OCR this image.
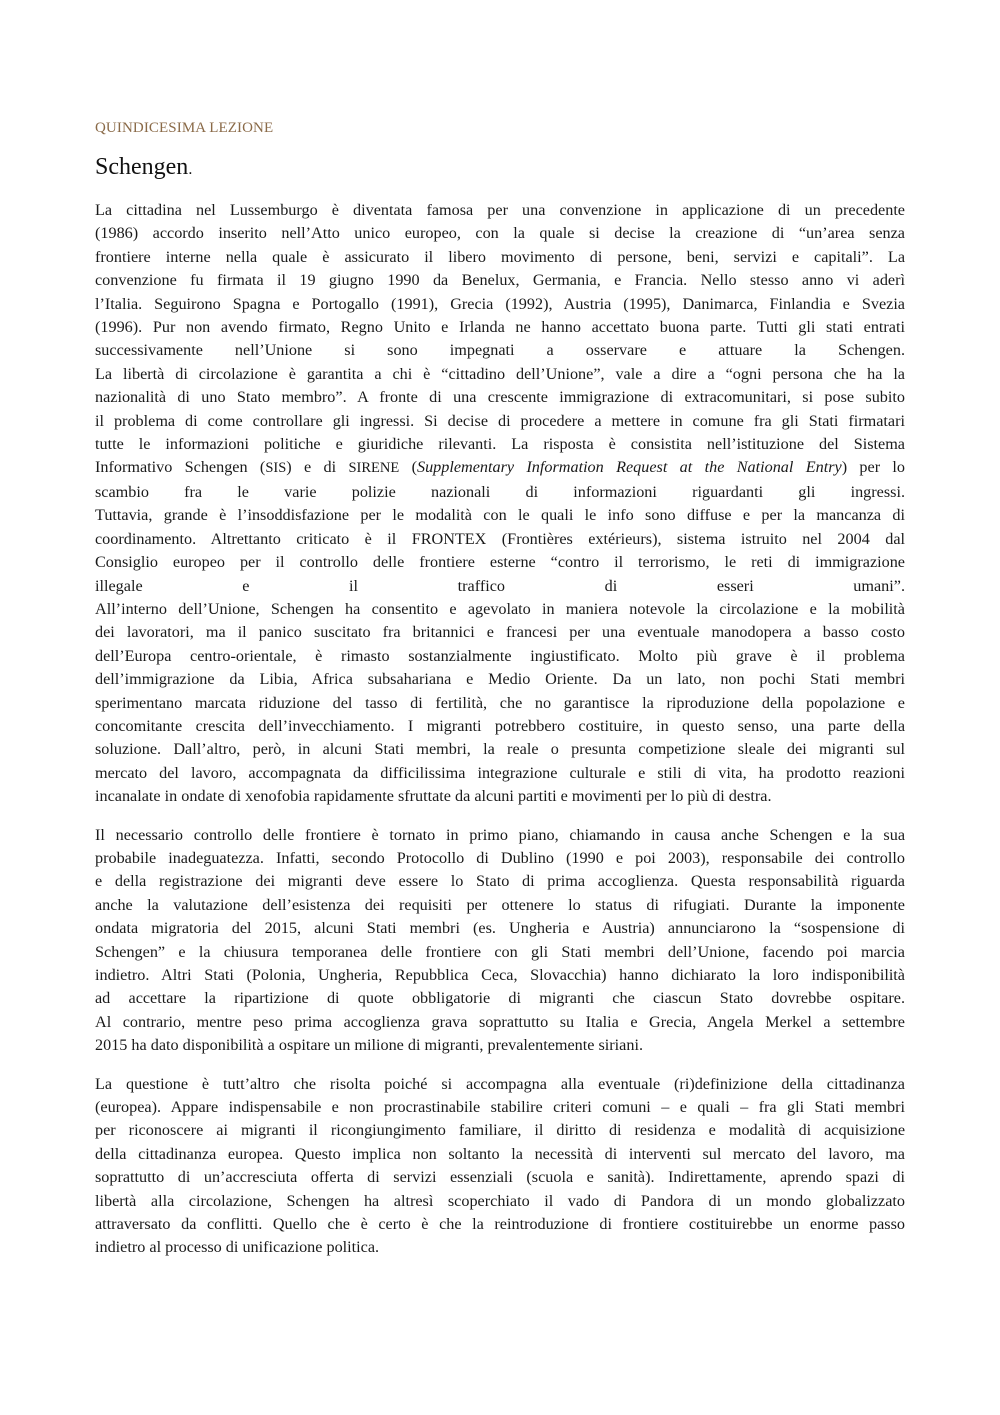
QUINDICESIMA LEZIONE
Schengen.
La cittadina nel Lussemburgo è diventata famosa per una convenzione in applicazione di un precedente
(1986) accordo inserito nell’Atto unico europeo, con la quale si decise la creazione di “un’area senza
frontiere interne nella quale è assicurato il libero movimento di persone, beni, servizi e capitali”. La
convenzione fu firmata il 19 giugno 1990 da Benelux, Germania, e Francia. Nello stesso anno vi aderì
l’Italia. Seguirono Spagna e Portogallo (1991), Grecia (1992), Austria (1995), Danimarca, Finlandia e Svezia
(1996). Pur non avendo firmato, Regno Unito e Irlanda ne hanno accettato buona parte. Tutti gli stati entrati
successivamente nell’Unione si sono impegnati a osservare e attuare la Schengen.
La libertà di circolazione è garantita a chi è “cittadino dell’Unione”, vale a dire a “ogni persona che ha la
nazionalità di uno Stato membro”. A fronte di una crescente immigrazione di extracomunitari, si pose subito
il problema di come controllare gli ingressi. Si decise di procedere a mettere in comune fra gli Stati firmatari
tutte le informazioni politiche e giuridiche rilevanti. La risposta è consistita nell’istituzione del Sistema
Informativo Schengen (SIS) e di SIRENE (Supplementary Information Request at the National Entry) per lo
scambio fra le varie polizie nazionali di informazioni riguardanti gli ingressi.
Tuttavia, grande è l’insoddisfazione per le modalità con le quali le info sono diffuse e per la mancanza di
coordinamento. Altrettanto criticato è il FRONTEX (Frontières extérieurs), sistema istruito nel 2004 dal
Consiglio europeo per il controllo delle frontiere esterne “contro il terrorismo, le reti di immigrazione
illegale e il traffico di esseri umani”.
All’interno dell’Unione, Schengen ha consentito e agevolato in maniera notevole la circolazione e la mobilità
dei lavoratori, ma il panico suscitato fra britannici e francesi per una eventuale manodopera a basso costo
dell’Europa centro-orientale, è rimasto sostanzialmente ingiustificato. Molto più grave è il problema
dell’immigrazione da Libia, Africa subsahariana e Medio Oriente. Da un lato, non pochi Stati membri
sperimentano marcata riduzione del tasso di fertilità, che no garantisce la riproduzione della popolazione e
concomitante crescita dell’invecchiamento. I migranti potrebbero costituire, in questo senso, una parte della
soluzione. Dall’altro, però, in alcuni Stati membri, la reale o presunta competizione sleale dei migranti sul
mercato del lavoro, accompagnata da difficilissima integrazione culturale e stili di vita, ha prodotto reazioni
incanalate in ondate di xenofobia rapidamente sfruttate da alcuni partiti e movimenti per lo più di destra.
Il necessario controllo delle frontiere è tornato in primo piano, chiamando in causa anche Schengen e la sua
probabile inadeguatezza. Infatti, secondo Protocollo di Dublino (1990 e poi 2003), responsabile dei controllo
e della registrazione dei migranti deve essere lo Stato di prima accoglienza. Questa responsabilità riguarda
anche la valutazione dell’esistenza dei requisiti per ottenere lo status di rifugiati. Durante la imponente
ondata migratoria del 2015, alcuni Stati membri (es. Ungheria e Austria) annunciarono la “sospensione di
Schengen” e la chiusura temporanea delle frontiere con gli Stati membri dell’Unione, facendo poi marcia
indietro. Altri Stati (Polonia, Ungheria, Repubblica Ceca, Slovacchia) hanno dichiarato la loro indisponibilità
ad accettare la ripartizione di quote obbligatorie di migranti che ciascun Stato dovrebbe ospitare.
Al contrario, mentre peso prima accoglienza grava soprattutto su Italia e Grecia, Angela Merkel a settembre
2015 ha dato disponibilità a ospitare un milione di migranti, prevalentemente siriani.
La questione è tutt’altro che risolta poiché si accompagna alla eventuale (ri)definizione della cittadinanza
(europea). Appare indispensabile e non procrastinabile stabilire criteri comuni – e quali – fra gli Stati membri
per riconoscere ai migranti il ricongiungimento familiare, il diritto di residenza e modalità di acquisizione
della cittadinanza europea. Questo implica non soltanto la necessità di interventi sul mercato del lavoro, ma
soprattutto di un’accresciuta offerta di servizi essenziali (scuola e sanità). Indirettamente, aprendo spazi di
libertà alla circolazione, Schengen ha altresì scoperchiato il vado di Pandora di un mondo globalizzato
attraversato da conflitti. Quello che è certo è che la reintroduzione di frontiere costituirebbe un enorme passo
indietro al processo di unificazione politica.
